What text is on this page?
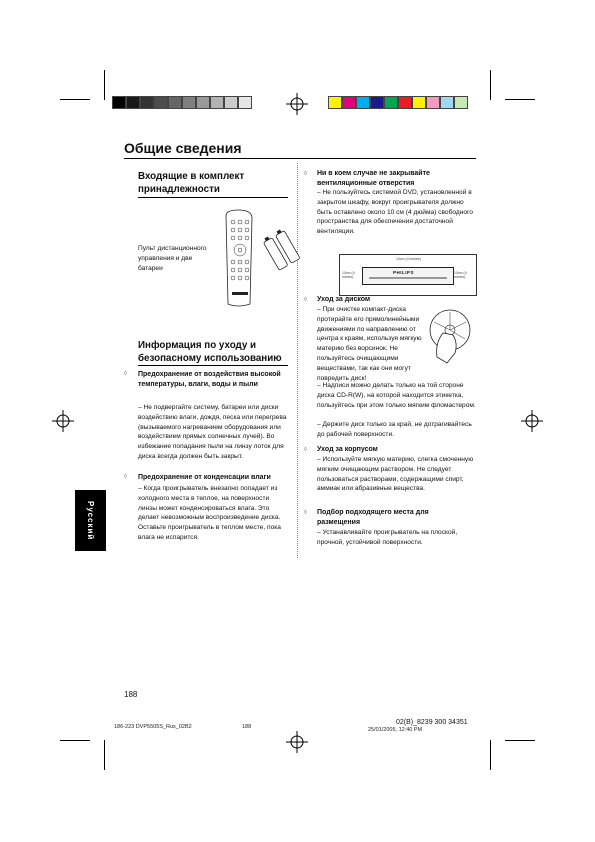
Общие сведения
Входящие в комплект принадлежности
Пульт дистанционного управления и две батареи
Информация по уходу и безопасному использованию
◊ Предохранение от воздействия высокой температуры, влаги, воды и пыли
– Не подвергайте систему, батареи или диски воздействию влаги, дождя, песка или перегрева (вызываемого нагреванием оборудования или воздействием прямых солнечных лучей). Во избежание попадания пыли на линзу лоток для диска всегда должен быть закрыт.
◊ Предохранение от конденсации влаги
– Когда проигрыватель внезапно попадает из холодного места в теплое, на поверхности линзы может конденсироваться влага. Это делает невозможным воспроизведение диска. Оставьте проигрыватель в теплом месте, пока влага не испарится.
Русский
◊ Ни в коем случае не закрывайте вентиляционные отверстия
– Не пользуйтесь системой DVD, установленной в закрытом шкафу, вокруг проигрывателя должно быть оставлено около 10 см (4 дюйма) свободного пространства для обеспечения достаточной вентиляции.
10cm (4 inches)
10cm (4 inches)
10cm (4 inches)
PHILIPS
◊ Уход за диском
– При очистке компакт-диска протирайте его прямолинейными движениями по направлению от центра к краям, используя мягкую материю без ворсинок. Не пользуйтесь очищающими веществами, так как они могут повредить диск!
– Надписи можно делать только на той стороне диска CD-R(W), на которой находится этикетка, пользуйтесь при этом только мягким фломастером.
– Держите диск только за край, не дотрагивайтесь до рабочей поверхности.
◊ Уход за корпусом
– Используйте мягкую материю, слегка смоченную мягким очищающим раствором. Не следует пользоваться растворами, содержащими спирт, аммиак или абразивные вещества.
◊ Подбор подходящего места для размещения
– Устанавливайте проигрыватель на плоской, прочной, устойчивой поверхности.
188
186-223 DVP5505S_Rus_02B2	188	25/01/2005, 12:40 PM
02(B)_8239 300 34351
